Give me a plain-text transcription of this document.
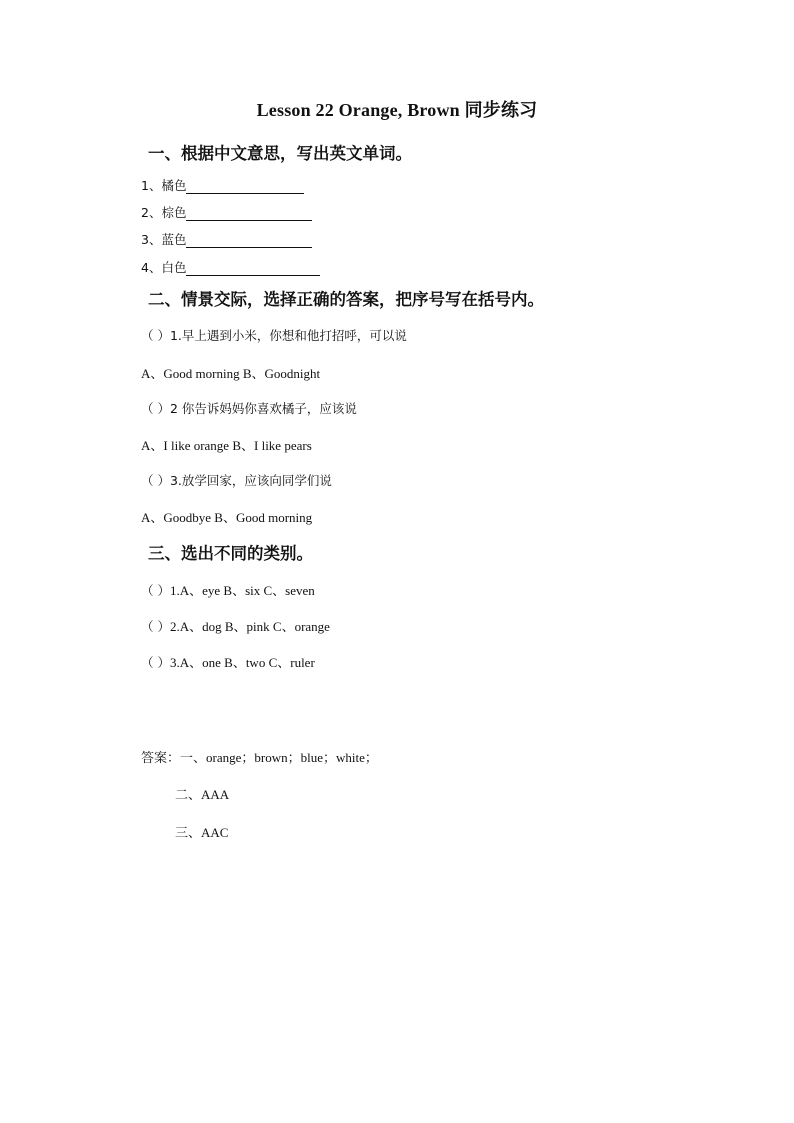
Lesson 22 Orange, Brown 同步练习
一、根据中文意思，写出英文单词。
1、橘色
2、棕色
3、蓝色
4、白色
二、情景交际，选择正确的答案，把序号写在括号内。
（ ）1.早上遇到小米，你想和他打招呼，可以说
A、Good morning B、Goodnight
（ ）2 你告诉妈妈你喜欢橘子，应该说
A、I like orange B、I like pears
（ ）3.放学回家，应该向同学们说
A、Goodbye B、Good morning
三、选出不同的类别。
（ ）1.A、eye B、six C、seven
（ ）2.A、dog B、pink C、orange
（ ）3.A、one B、two C、ruler
答案：一、orange；brown；blue；white；
二、AAA
三、AAC
